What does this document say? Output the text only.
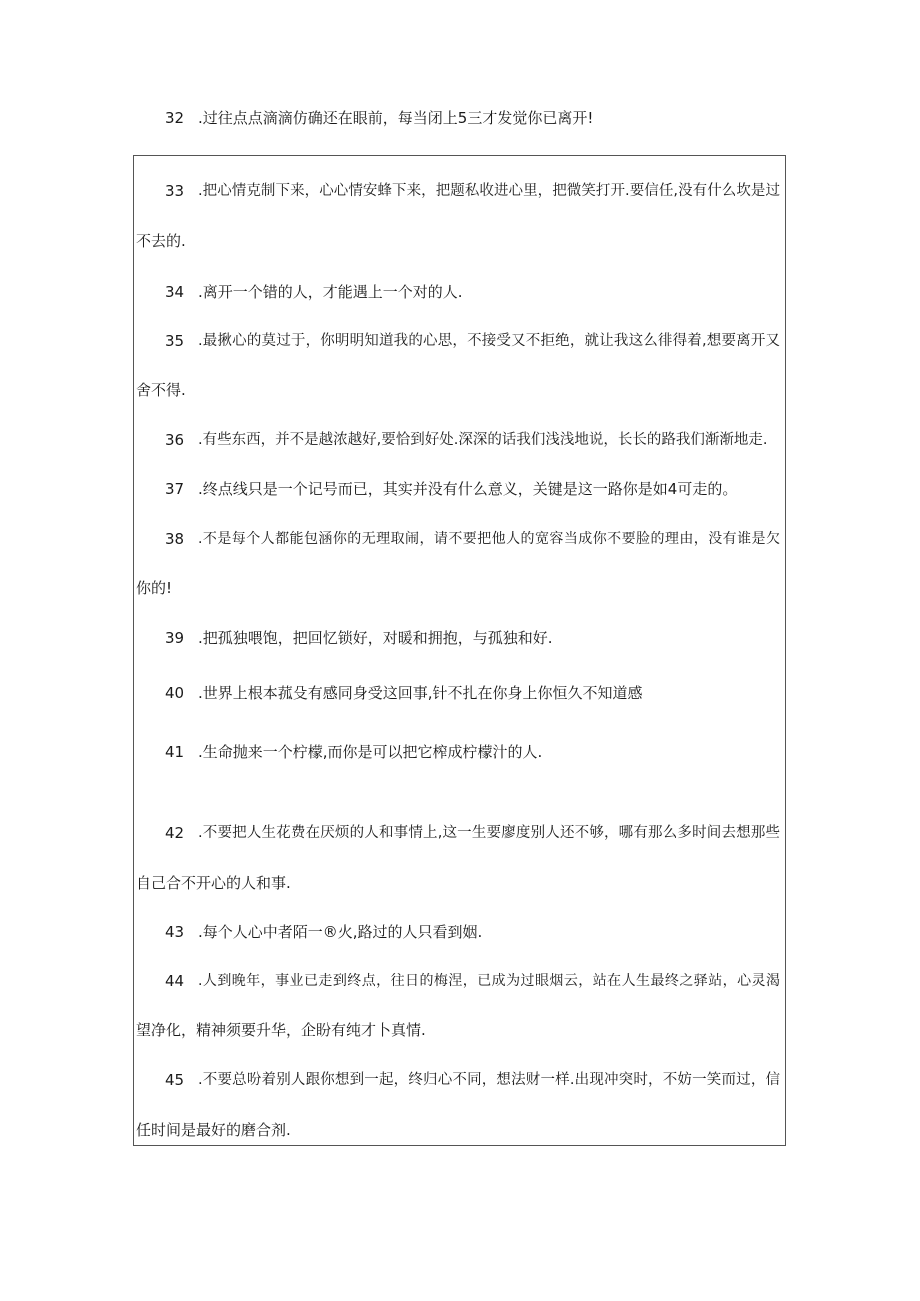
32 .过往点点滴滴仿确还在眼前，每当闭上5三才发觉你已离开!
33 .把心情克制下来，心心情安蜂下来，把题私收进心里，把微笑打开.要信任,没有什么坎是过
不去的.
34 .离开一个错的人，才能遇上一个对的人.
35 .最揪心的莫过于，你明明知道我的心思，不接受又不拒绝，就让我这么徘得着,想要离开又
舍不得.
36 .有些东西，并不是越浓越好,要恰到好处.深深的话我们浅浅地说，长长的路我们渐渐地走.
37 .终点线只是一个记号而已，其实并没有什么意义，关键是这一路你是如4可走的。
38 .不是每个人都能包涵你的无理取闹，请不要把他人的宽容当成你不要脸的理由，没有谁是欠
你的!
39 .把孤独喂饱，把回忆锁好，对暖和拥抱，与孤独和好.
40 .世界上根本菰殳有感同身受这回事,针不扎在你身上你恒久不知道感
41 .生命抛来一个柠檬,而你是可以把它榨成柠檬汁的人.
42 .不要把人生花费在厌烦的人和事情上,这一生要廖度别人还不够，哪有那么多时间去想那些
自己合不开心的人和事.
43 .每个人心中者陌一®火,路过的人只看到姻.
44 .人到晚年，事业已走到终点，往日的梅涅，已成为过眼烟云，站在人生最终之驿站，心灵渴
望净化，精神须要升华，企盼有纯才卜真情.
45 .不要总吩着别人跟你想到一起，终归心不同，想法财一样.出现冲突时，不妨一笑而过，信
任时间是最好的磨合剂.
